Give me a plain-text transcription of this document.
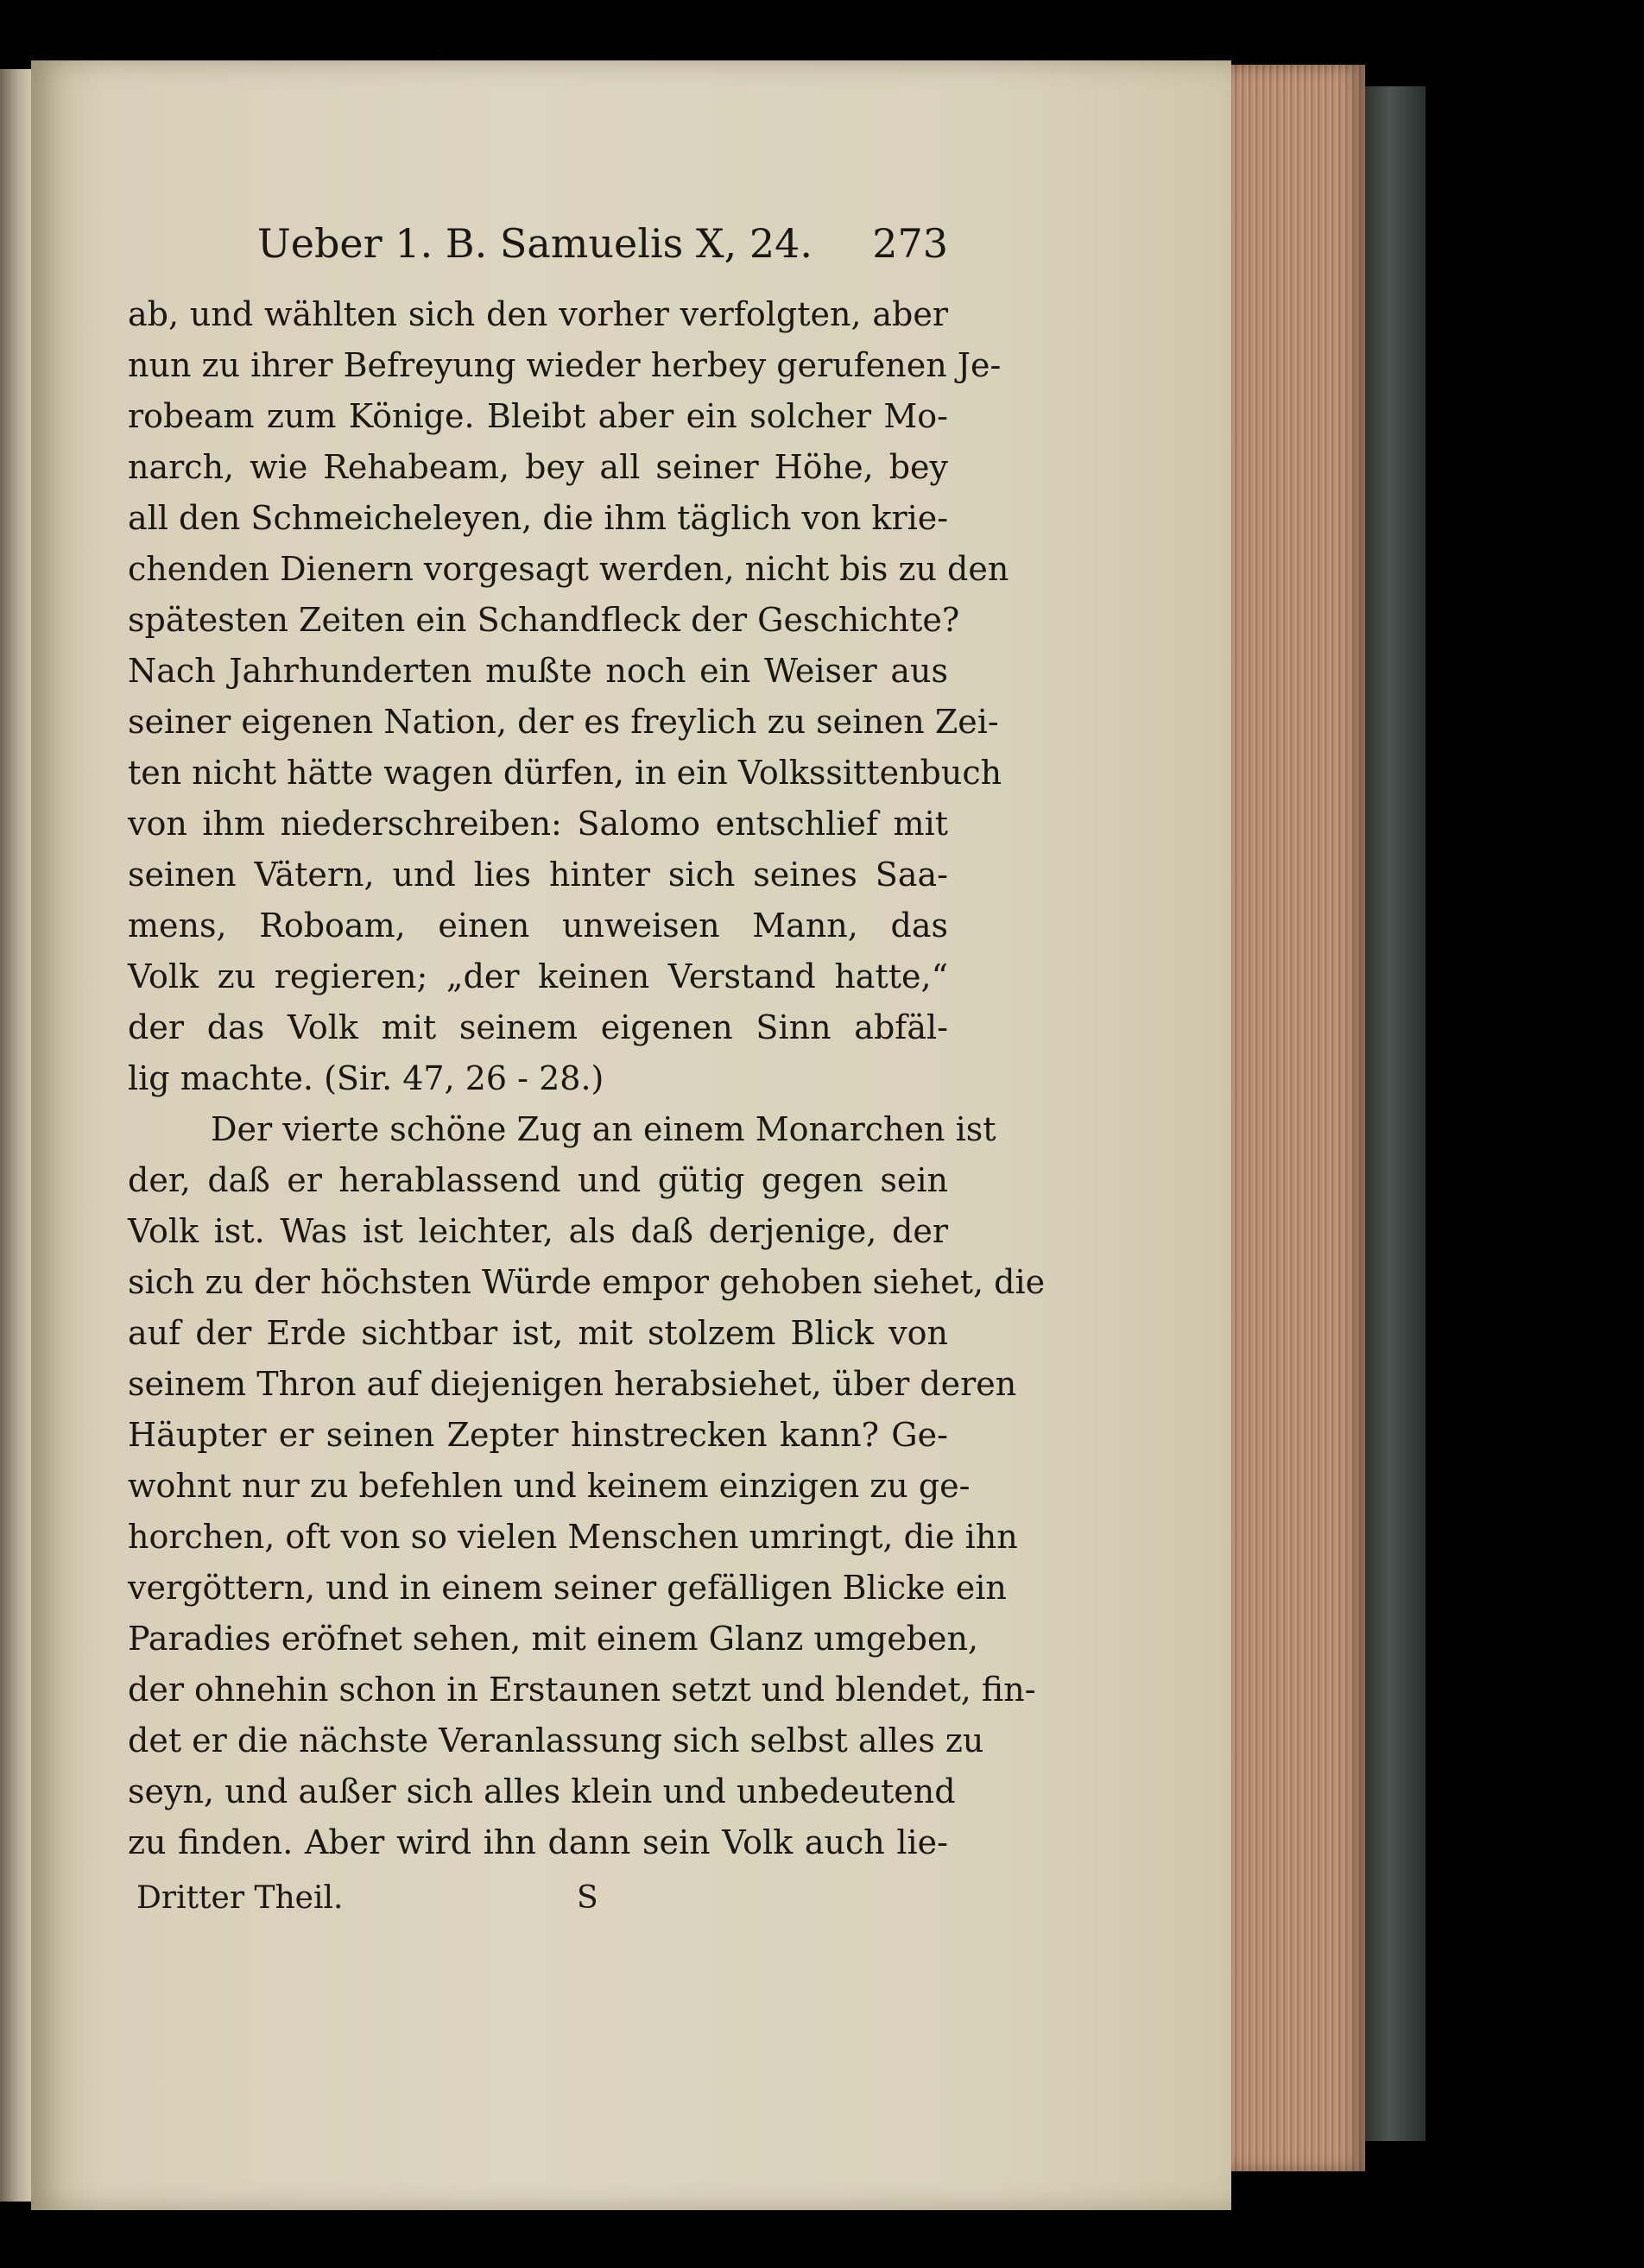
Ueber 1. B. Samuelis X, 24. 273
ab, und wählten sich den vorher verfolgten, aber
nun zu ihrer Befreyung wieder herbey gerufenen Je-
robeam zum Könige. Bleibt aber ein solcher Mo-
narch, wie Rehabeam, bey all seiner Höhe, bey
all den Schmeicheleyen, die ihm täglich von krie-
chenden Dienern vorgesagt werden, nicht bis zu den
spätesten Zeiten ein Schandfleck der Geschichte?
Nach Jahrhunderten mußte noch ein Weiser aus
seiner eigenen Nation, der es freylich zu seinen Zei-
ten nicht hätte wagen dürfen, in ein Volkssittenbuch
von ihm niederschreiben: Salomo entschlief mit
seinen Vätern, und lies hinter sich seines Saa-
mens, Roboam, einen unweisen Mann, das
Volk zu regieren; „der keinen Verstand hatte,“
der das Volk mit seinem eigenen Sinn abfäl-
lig machte. (Sir. 47, 26 - 28.)
Der vierte schöne Zug an einem Monarchen ist
der, daß er herablassend und gütig gegen sein
Volk ist. Was ist leichter, als daß derjenige, der
sich zu der höchsten Würde empor gehoben siehet, die
auf der Erde sichtbar ist, mit stolzem Blick von
seinem Thron auf diejenigen herabsiehet, über deren
Häupter er seinen Zepter hinstrecken kann? Ge-
wohnt nur zu befehlen und keinem einzigen zu ge-
horchen, oft von so vielen Menschen umringt, die ihn
vergöttern, und in einem seiner gefälligen Blicke ein
Paradies eröfnet sehen, mit einem Glanz umgeben,
der ohnehin schon in Erstaunen setzt und blendet, fin-
det er die nächste Veranlassung sich selbst alles zu
seyn, und außer sich alles klein und unbedeutend
zu finden. Aber wird ihn dann sein Volk auch lie-
Dritter Theil.	S
